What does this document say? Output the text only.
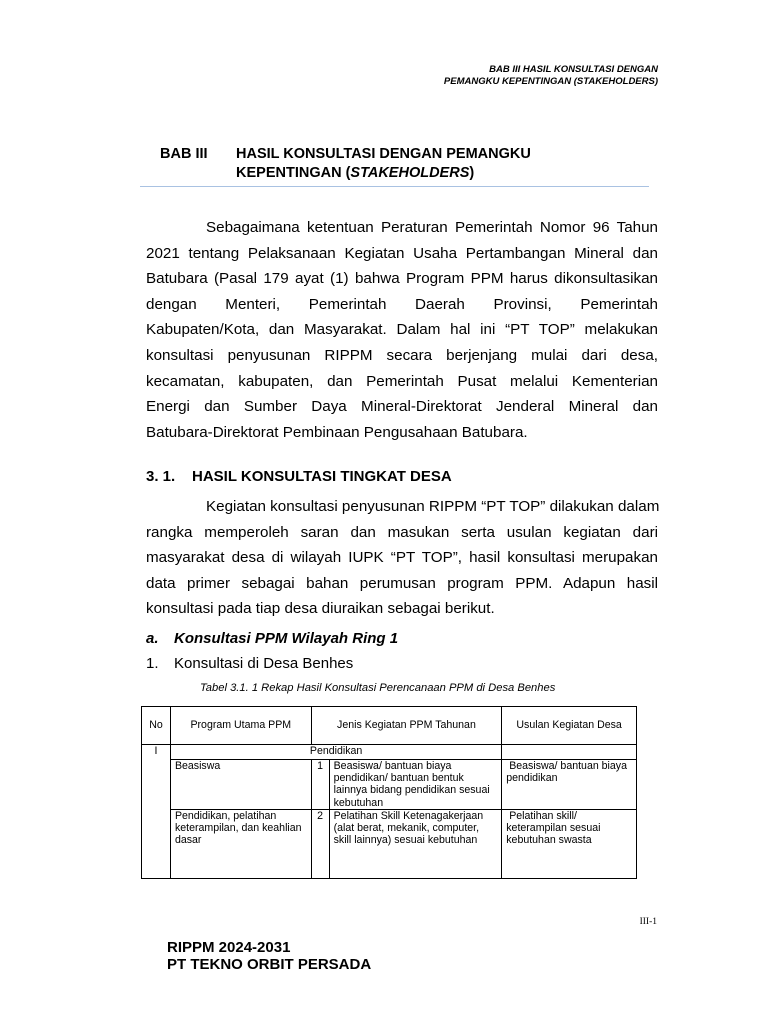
BAB III HASIL KONSULTASI DENGAN
PEMANGKU KEPENTINGAN (STAKEHOLDERS)
BAB III	HASIL KONSULTASI DENGAN PEMANGKU
KEPENTINGAN (STAKEHOLDERS)
Sebagaimana ketentuan Peraturan Pemerintah Nomor 96 Tahun
2021 tentang Pelaksanaan Kegiatan Usaha Pertambangan Mineral dan
Batubara (Pasal 179 ayat (1) bahwa Program PPM harus dikonsultasikan
dengan Menteri, Pemerintah Daerah Provinsi, Pemerintah
Kabupaten/Kota, dan Masyarakat. Dalam hal ini “PT TOP” melakukan
konsultasi penyusunan RIPPM secara berjenjang mulai dari desa,
kecamatan, kabupaten, dan Pemerintah Pusat melalui Kementerian
Energi dan Sumber Daya Mineral-Direktorat Jenderal Mineral dan
Batubara-Direktorat Pembinaan Pengusahaan Batubara.
3. 1.	HASIL KONSULTASI TINGKAT DESA
Kegiatan konsultasi penyusunan RIPPM “PT TOP” dilakukan dalam
rangka memperoleh saran dan masukan serta usulan kegiatan dari
masyarakat desa di wilayah IUPK “PT TOP”, hasil konsultasi merupakan
data primer sebagai bahan perumusan program PPM. Adapun hasil
konsultasi pada tiap desa diuraikan sebagai berikut.
a. Konsultasi PPM Wilayah Ring 1
1. Konsultasi di Desa Benhes
Tabel 3.1. 1 Rekap Hasil Konsultasi Perencanaan PPM di Desa Benhes
No	Program Utama PPM	Jenis Kegiatan PPM Tahunan		Usulan Kegiatan Desa
I	Pendidikan			
	Beasiswa	1	Beasiswa/ bantuan biaya pendidikan/ bantuan bentuk lainnya bidang pendidikan sesuai kebutuhan	Beasiswa/ bantuan biaya pendidikan
	Pendidikan, pelatihan keterampilan, dan keahlian dasar	2	Pelatihan Skill Ketenagakerjaan (alat berat, mekanik, computer, skill lainnya) sesuai kebutuhan	Pelatihan skill/ keterampilan sesuai kebutuhan swasta
III-1
RIPPM 2024-2031
PT TEKNO ORBIT PERSADA
